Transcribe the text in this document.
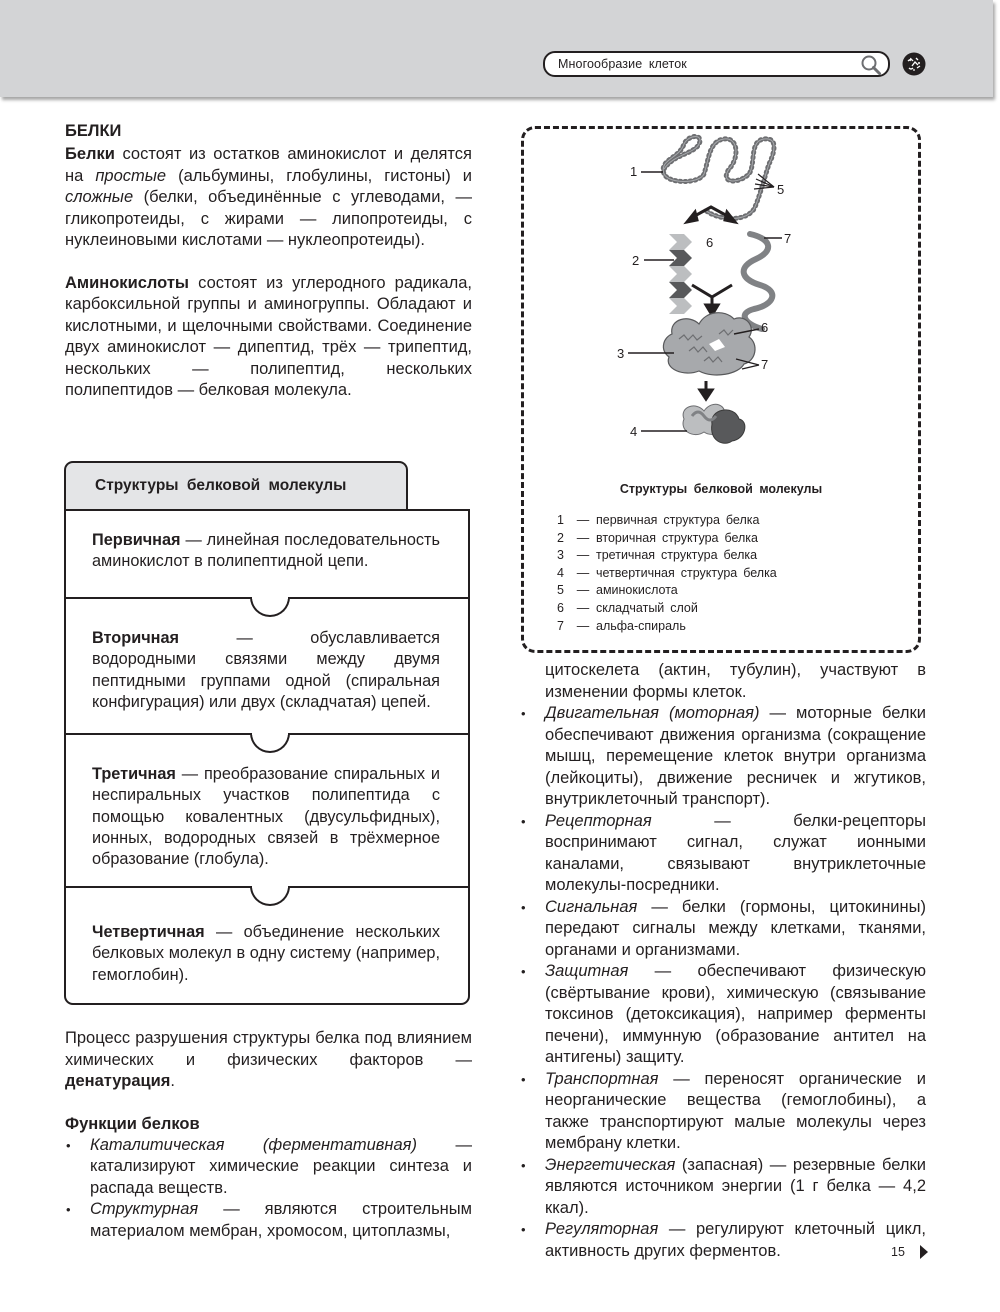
Многообразие клеток
БЕЛКИ

Белки состоят из остатков аминокислот и делятся на простые (альбумины, глобулины, гистоны) и сложные (белки, объединённые с углеводами, — гликопротеиды, с жирами — липопротеиды, с нуклеиновыми кислотами — нуклеопротеиды).

Аминокислоты состоят из углеродного радикала, карбоксильной группы и аминогруппы. Обладают и кислотными, и щелочными свойствами. Соединение двух аминокислот — дипептид, трёх — трипептид, нескольких — полипептид, нескольких полипептидов — белковая молекула.

Структуры белковой молекулы
Первичная — линейная последовательность аминокислот в полипептидной цепи.
Вторичная — обуславливается водородными связями между двумя пептидными группами одной (спиральная конфигурация) или двух (складчатая) цепей.
Третичная — преобразование спиральных и неспиральных участков полипептида с помощью ковалентных (двусульфидных), ионных, водородных связей в трёхмерное образование (глобула).
Четвертичная — объединение нескольких белковых молекул в одну систему (например, гемоглобин).

Процесс разрушения структуры белка под влиянием химических и физических факторов — денатурация.

Функции белков
• Каталитическая (ферментативная) — катализируют химические реакции синтеза и распада веществ.
• Структурная — являются строительным материалом мембран, хромосом, цитоплазмы,
1
5
2
6	7
3
6
7
4
Структуры белковой молекулы
1	— первичная структура белка
2	— вторичная структура белка
3	— третичная структура белка
4	— четвертичная структура белка
5	— аминокислота
6	— складчатый слой
7	— альфа-спираль
цитоскелета (актин, тубулин), участвуют в изменении формы клеток.
• Двигательная (моторная) — моторные белки обеспечивают движения организма (сокращение мышц, перемещение клеток внутри организма (лейкоциты), движение ресничек и жгутиков, внутриклеточный транспорт).
• Рецепторная — белки-рецепторы воспринимают сигнал, служат ионными каналами, связывают внутриклеточные молекулы-посредники.
• Сигнальная — белки (гормоны, цитокинины) передают сигналы между клетками, тканями, органами и организмами.
• Защитная — обеспечивают физическую (свёртывание крови), химическую (связывание токсинов (детоксикация), например ферменты печени), иммунную (образование антител на антигены) защиту.
• Транспортная — переносят органические и неорганические вещества (гемоглобины), а также транспортируют малые молекулы через мембрану клетки.
• Энергетическая (запасная) — резервные белки являются источником энергии (1 г белка — 4,2 ккал).
• Регуляторная — регулируют клеточный цикл, активность других ферментов.	15
